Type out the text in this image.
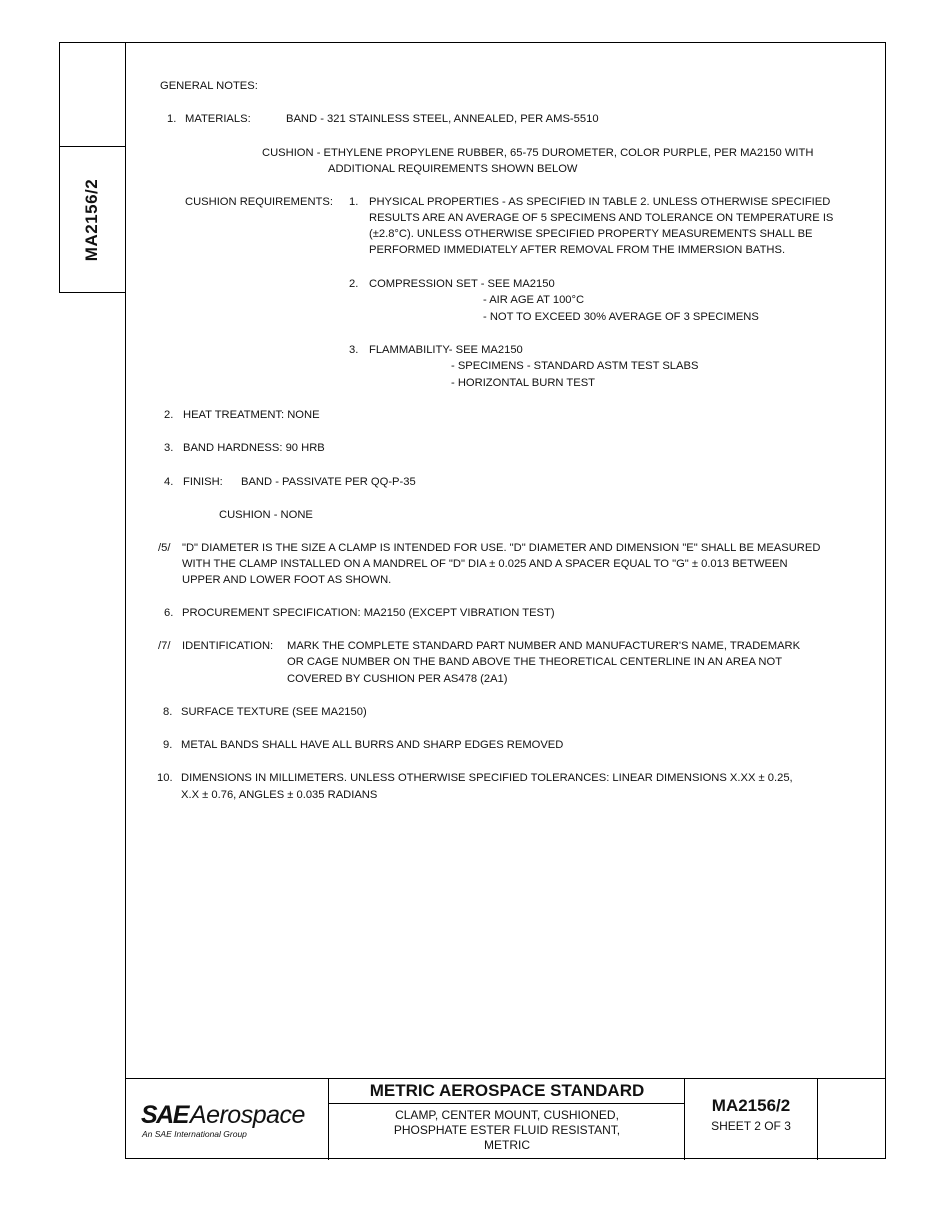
MA2156/2
GENERAL NOTES:
1. MATERIALS:	BAND - 321 STAINLESS STEEL, ANNEALED, PER AMS-5510
CUSHION - ETHYLENE PROPYLENE RUBBER, 65-75 DUROMETER, COLOR PURPLE, PER MA2150 WITH
ADDITIONAL REQUIREMENTS SHOWN BELOW
CUSHION REQUIREMENTS: 1. PHYSICAL PROPERTIES - AS SPECIFIED IN TABLE 2. UNLESS OTHERWISE SPECIFIED
RESULTS ARE AN AVERAGE OF 5 SPECIMENS AND TOLERANCE ON TEMPERATURE IS
(±2.8°C). UNLESS OTHERWISE SPECIFIED PROPERTY MEASUREMENTS SHALL BE
PERFORMED IMMEDIATELY AFTER REMOVAL FROM THE IMMERSION BATHS.
2. COMPRESSION SET - SEE MA2150
- AIR AGE AT 100°C
- NOT TO EXCEED 30% AVERAGE OF 3 SPECIMENS
3. FLAMMABILITY- SEE MA2150
- SPECIMENS - STANDARD ASTM TEST SLABS
- HORIZONTAL BURN TEST
2. HEAT TREATMENT: NONE
3. BAND HARDNESS: 90 HRB
4. FINISH: BAND - PASSIVATE PER QQ-P-35
CUSHION - NONE
/5/ "D" DIAMETER IS THE SIZE A CLAMP IS INTENDED FOR USE. "D" DIAMETER AND DIMENSION "E" SHALL BE MEASURED
WITH THE CLAMP INSTALLED ON A MANDREL OF "D" DIA ± 0.025 AND A SPACER EQUAL TO "G" ± 0.013 BETWEEN
UPPER AND LOWER FOOT AS SHOWN.
6. PROCUREMENT SPECIFICATION: MA2150 (EXCEPT VIBRATION TEST)
/7/ IDENTIFICATION: MARK THE COMPLETE STANDARD PART NUMBER AND MANUFACTURER'S NAME, TRADEMARK
OR CAGE NUMBER ON THE BAND ABOVE THE THEORETICAL CENTERLINE IN AN AREA NOT
COVERED BY CUSHION PER AS478 (2A1)
8. SURFACE TEXTURE (SEE MA2150)
9. METAL BANDS SHALL HAVE ALL BURRS AND SHARP EDGES REMOVED
10. DIMENSIONS IN MILLIMETERS. UNLESS OTHERWISE SPECIFIED TOLERANCES: LINEAR DIMENSIONS X.XX ± 0.25,
X.X ± 0.76, ANGLES ± 0.035 RADIANS
SAEAerospace
An SAE International Group
METRIC AEROSPACE STANDARD
CLAMP, CENTER MOUNT, CUSHIONED,
PHOSPHATE ESTER FLUID RESISTANT,
METRIC
MA2156/2
SHEET 2 OF 3
